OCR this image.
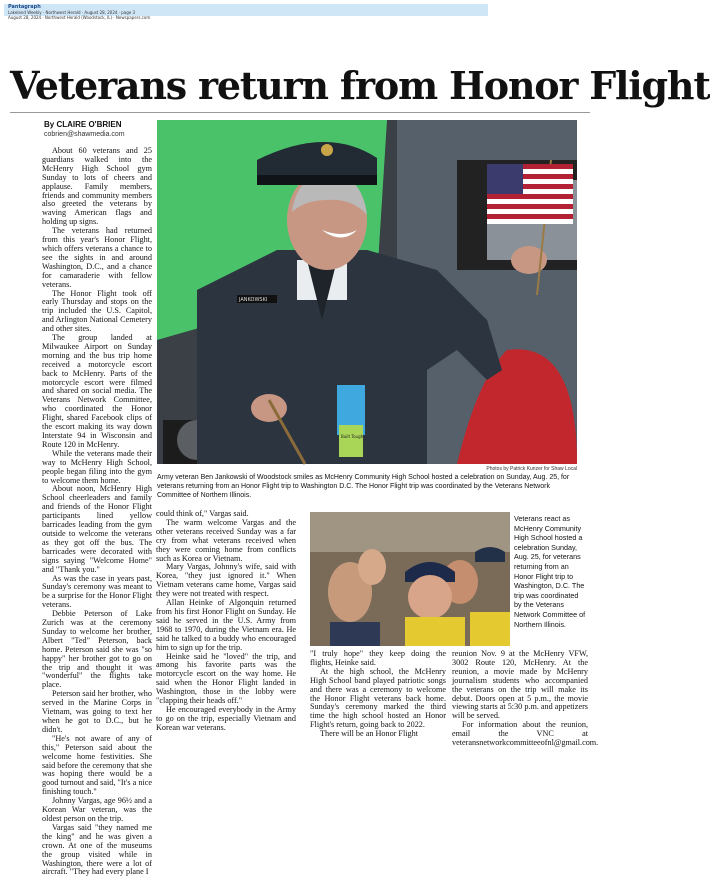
Pantagraph
Lakeland Weekly · Northwest Herald · August 28, 2024 · page 3
August 28, 2024 · Northwest Herald (Woodstock, IL) · Newspapers.com
Veterans return from Honor Flight
By CLAIRE O'BRIEN
cobrien@shawmedia.com

About 60 veterans and 25 guardians walked into the McHenry High School gym Sunday to lots of cheers and applause. Family members, friends and community members also greeted the veterans by waving American flags and holding up signs.

The veterans had returned from this year's Honor Flight, which offers veterans a chance to see the sights in and around Washington, D.C., and a chance for camaraderie with fellow veterans.

The Honor Flight took off early Thursday and stops on the trip included the U.S. Capitol, and Arlington National Cemetery and other sites.

The group landed at Milwaukee Airport on Sunday morning and the bus trip home received a motorcycle escort back to McHenry. Parts of the motorcycle escort were filmed and shared on social media. The Veterans Network Committee, who coordinated the Honor Flight, shared Facebook clips of the escort making its way down Interstate 94 in Wisconsin and Route 120 in McHenry.

While the veterans made their way to McHenry High School, people began filing into the gym to welcome them home.

About noon, McHenry High School cheerleaders and family and friends of the Honor Flight participants lined yellow barricades leading from the gym outside to welcome the veterans as they got off the bus. The barricades were decorated with signs saying "Welcome Home" and "Thank you."

As was the case in years past, Sunday's ceremony was meant to be a surprise for the Honor Flight veterans.

Debbie Peterson of Lake Zurich was at the ceremony Sunday to welcome her brother, Albert "Ted" Peterson, back home. Peterson said she was "so happy" her brother got to go on the trip and thought it was "wonderful" the flights take place.

Peterson said her brother, who served in the Marine Corps in Vietnam, was going to text her when he got to D.C., but he didn't.

"He's not aware of any of this," Peterson said about the welcome home festivities. She said before the ceremony that she was hoping there would be a good turnout and said, "It's a nice finishing touch."

Johnny Vargas, age 96½ and a Korean War veteran, was the oldest person on the trip.

Vargas said "they named me the king" and he was given a crown. At one of the museums the group visited while in Washington, there were a lot of aircraft. "They had every plane I

JANKOWSKI
Built Tough
Photos by Patrick Kunzer for Shaw Local
Army veteran Ben Jankowski of Woodstock smiles as McHenry Community High School hosted a celebration on Sunday, Aug. 25, for veterans returning from an Honor Flight trip to Washington D.C. The Honor Flight trip was coordinated by the Veterans Network Committee of Northern Illinois.

could think of," Vargas said.

The warm welcome Vargas and the other veterans received Sunday was a far cry from what veterans received when they were coming home from conflicts such as Korea or Vietnam.

Mary Vargas, Johnny's wife, said with Korea, "they just ignored it." When Vietnam veterans came home, Vargas said they were not treated with respect.

Allan Heinke of Algonquin returned from his first Honor Flight on Sunday. He said he served in the U.S. Army from 1968 to 1970, during the Vietnam era. He said he talked to a buddy who encouraged him to sign up for the trip.

Heinke said he "loved" the trip, and among his favorite parts was the motorcycle escort on the way home. He said when the Honor Flight landed in Washington, those in the lobby were "clapping their heads off."

He encouraged everybody in the Army to go on the trip, especially Vietnam and Korean war veterans.

Veterans react as McHenry Community High School hosted a celebration Sunday, Aug. 25, for veterans returning from an Honor Flight trip to Washington, D.C. The trip was coordinated by the Veterans Network Committee of Northern Illinois.

"I truly hope" they keep doing the flights, Heinke said.

At the high school, the McHenry High School band played patriotic songs and there was a ceremony to welcome the Honor Flight veterans back home. Sunday's ceremony marked the third time the high school hosted an Honor Flight's return, going back to 2022.

There will be an Honor Flight

reunion Nov. 9 at the McHenry VFW, 3002 Route 120, McHenry. At the reunion, a movie made by McHenry journalism students who accompanied the veterans on the trip will make its debut. Doors open at 5 p.m., the movie viewing starts at 5:30 p.m. and appetizers will be served.

For information about the reunion, email the VNC at veteransnetworkcommitteeofnl@gmail.com.
